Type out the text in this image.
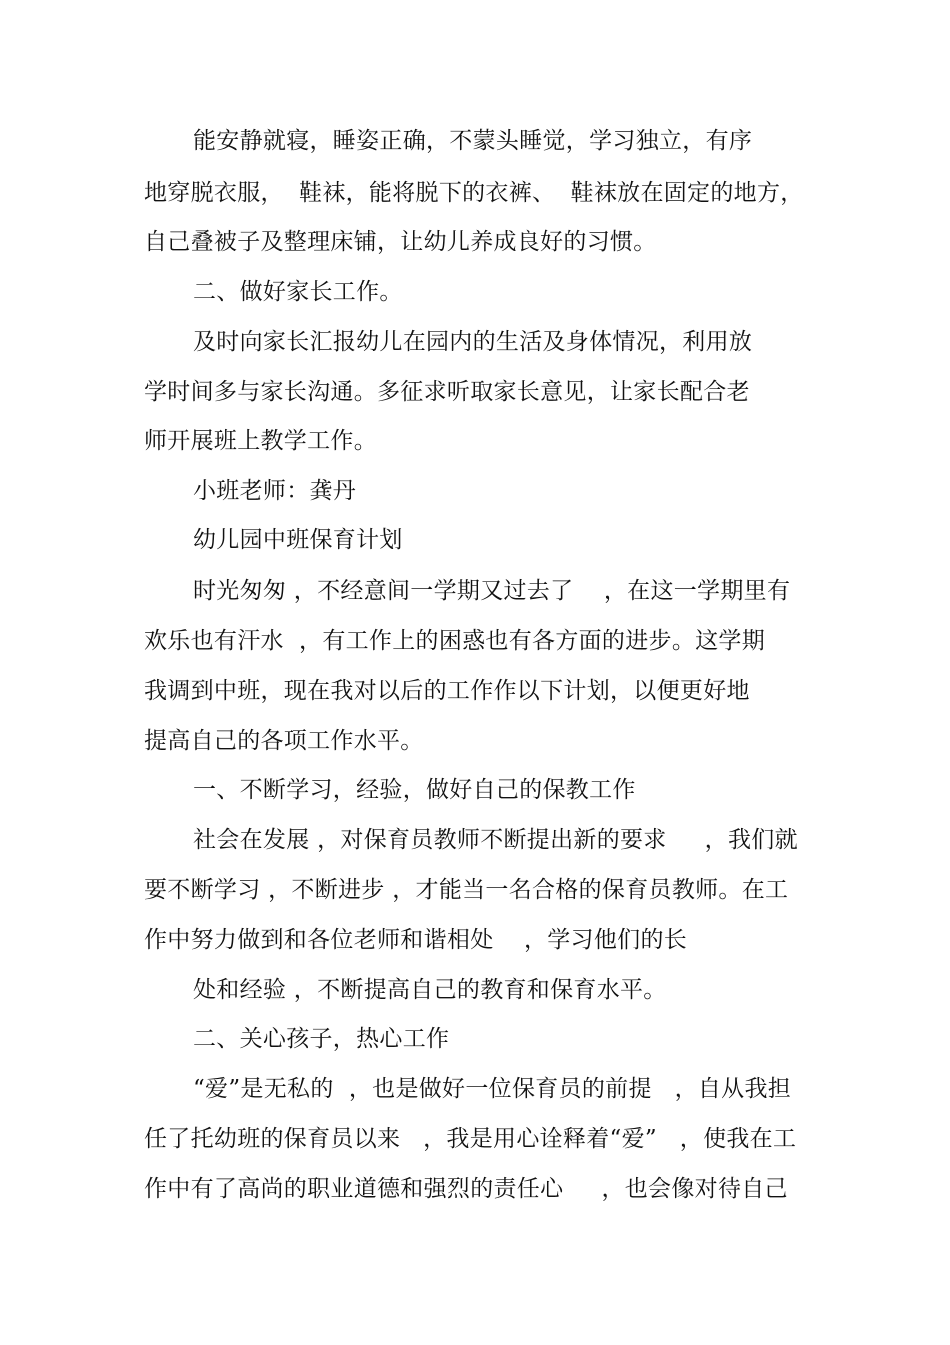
能安静就寝，睡姿正确，不蒙头睡觉，学习独立，有序
地穿脱衣服，  鞋袜，能将脱下的衣裤、  鞋袜放在固定的地方，
自己叠被子及整理床铺，让幼儿养成良好的习惯。
二、做好家长工作。
及时向家长汇报幼儿在园内的生活及身体情况，利用放
学时间多与家长沟通。多征求听取家长意见，让家长配合老
师开展班上教学工作。
小班老师：龚丹
幼儿园中班保育计划
时光匆匆 ，不经意间一学期又过去了    ，在这一学期里有
欢乐也有汗水  ，有工作上的困惑也有各方面的进步。这学期
我调到中班，现在我对以后的工作作以下计划，以便更好地
提高自己的各项工作水平。
一、不断学习，经验，做好自己的保教工作
社会在发展 ，对保育员教师不断提出新的要求     ，我们就
要不断学习 ，不断进步 ，才能当一名合格的保育员教师。在工
作中努力做到和各位老师和谐相处    ，学习他们的长
处和经验 ，不断提高自己的教育和保育水平。
二、关心孩子，热心工作
“爱”是无私的  ，也是做好一位保育员的前提   ，自从我担
任了托幼班的保育员以来   ，我是用心诠释着“爱”   ，使我在工
作中有了高尚的职业道德和强烈的责任心     ，也会像对待自己
